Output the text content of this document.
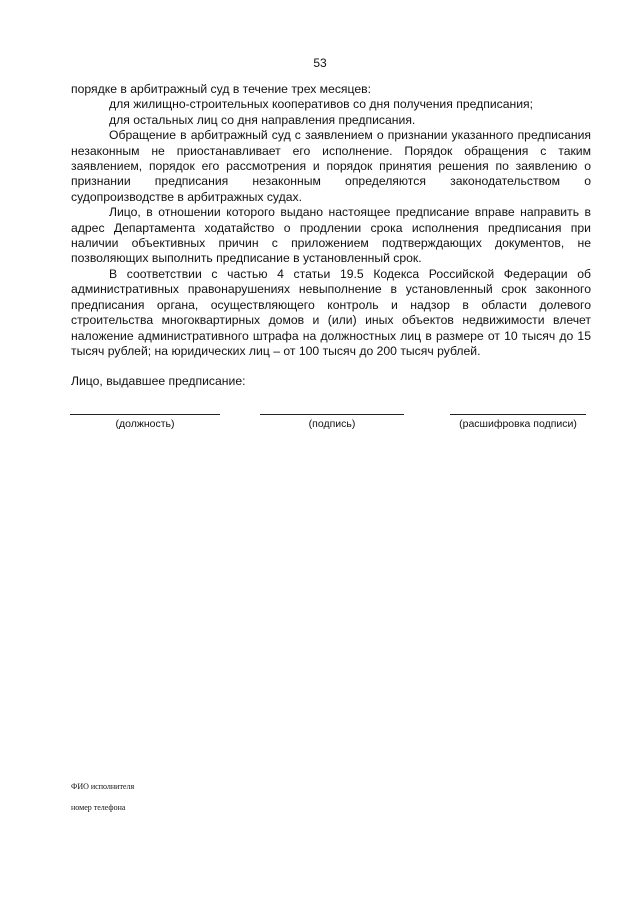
53

порядке в арбитражный суд в течение трех месяцев:

для жилищно-строительных кооперативов со дня получения предписания;

для остальных лиц со дня направления предписания.

Обращение в арбитражный суд с заявлением о признании указанного предписания незаконным не приостанавливает его исполнение. Порядок обращения с таким заявлением, порядок его рассмотрения и порядок принятия решения по заявлению о признании предписания незаконным определяются законодательством о судопроизводстве в арбитражных судах.

Лицо, в отношении которого выдано настоящее предписание вправе направить в адрес Департамента ходатайство о продлении срока исполнения предписания при наличии объективных причин с приложением подтверждающих документов, не позволяющих выполнить предписание в установленный срок.

В соответствии с частью 4 статьи 19.5 Кодекса Российской Федерации об административных правонарушениях невыполнение в установленный срок законного предписания органа, осуществляющего контроль и надзор в области долевого строительства многоквартирных домов и (или) иных объектов недвижимости влечет наложение административного штрафа на должностных лиц в размере от 10 тысяч до 15 тысяч рублей; на юридических лиц – от 100 тысяч до 200 тысяч рублей.

Лицо, выдавшее предписание:
(должность)	(подпись)	(расшифровка подписи)
ФИО исполнителя
номер телефона
